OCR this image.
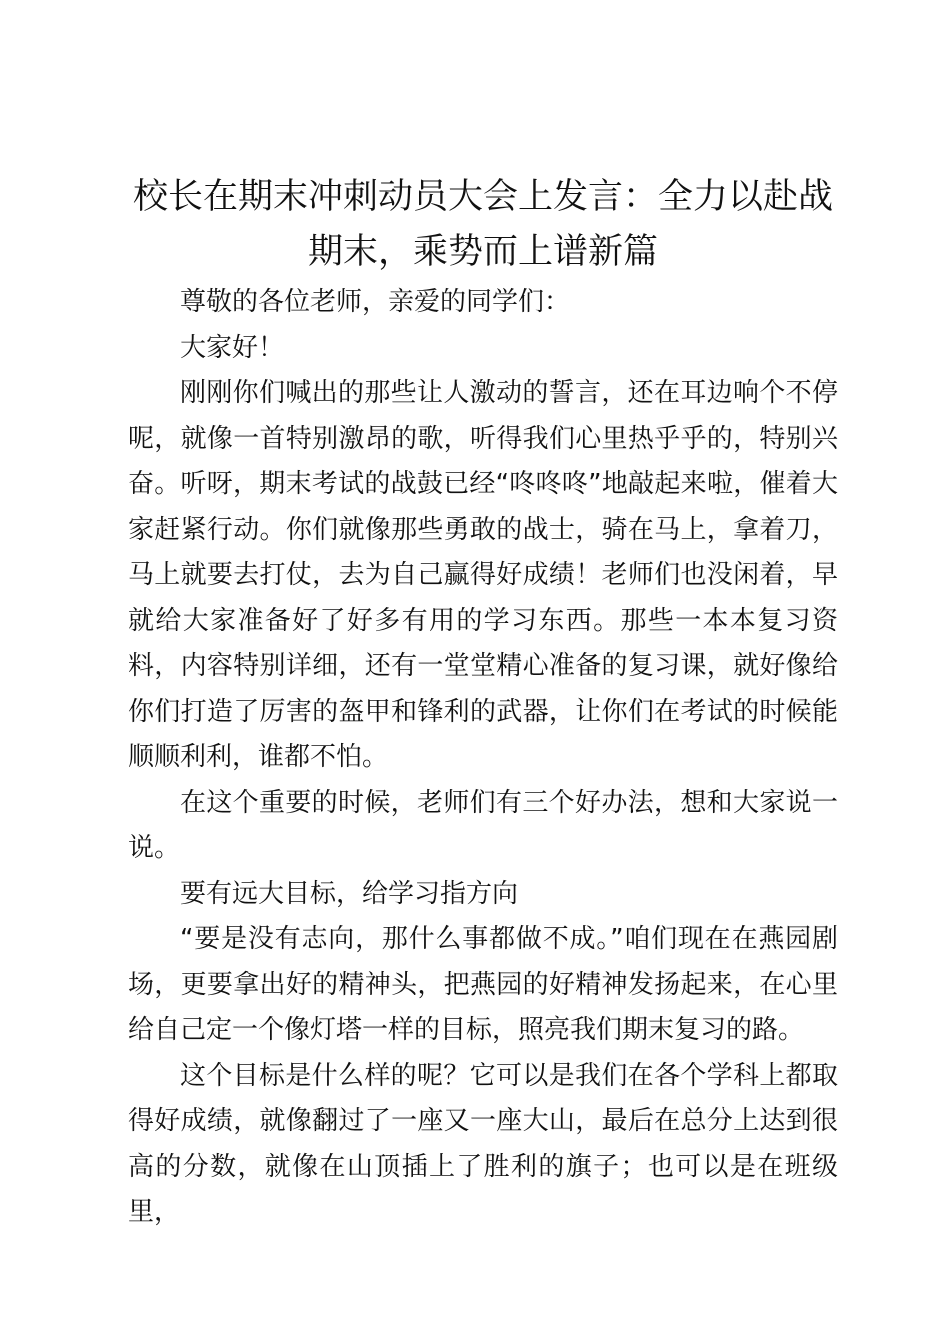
校长在期末冲刺动员大会上发言：全力以赴战期末，乘势而上谱新篇

尊敬的各位老师，亲爱的同学们：

大家好！

刚刚你们喊出的那些让人激动的誓言，还在耳边响个不停呢，就像一首特别激昂的歌，听得我们心里热乎乎的，特别兴奋。听呀，期末考试的战鼓已经“咚咚咚”地敲起来啦，催着大家赶紧行动。你们就像那些勇敢的战士，骑在马上，拿着刀，马上就要去打仗，去为自己赢得好成绩！老师们也没闲着，早就给大家准备好了好多有用的学习东西。那些一本本复习资料，内容特别详细，还有一堂堂精心准备的复习课，就好像给你们打造了厉害的盔甲和锋利的武器，让你们在考试的时候能顺顺利利，谁都不怕。

在这个重要的时候，老师们有三个好办法，想和大家说一说。

要有远大目标，给学习指方向

“要是没有志向，那什么事都做不成。”咱们现在在燕园剧场，更要拿出好的精神头，把燕园的好精神发扬起来，在心里给自己定一个像灯塔一样的目标，照亮我们期末复习的路。

这个目标是什么样的呢？它可以是我们在各个学科上都取得好成绩，就像翻过了一座又一座大山，最后在总分上达到很高的分数，就像在山顶插上了胜利的旗子；也可以是在班级里，
